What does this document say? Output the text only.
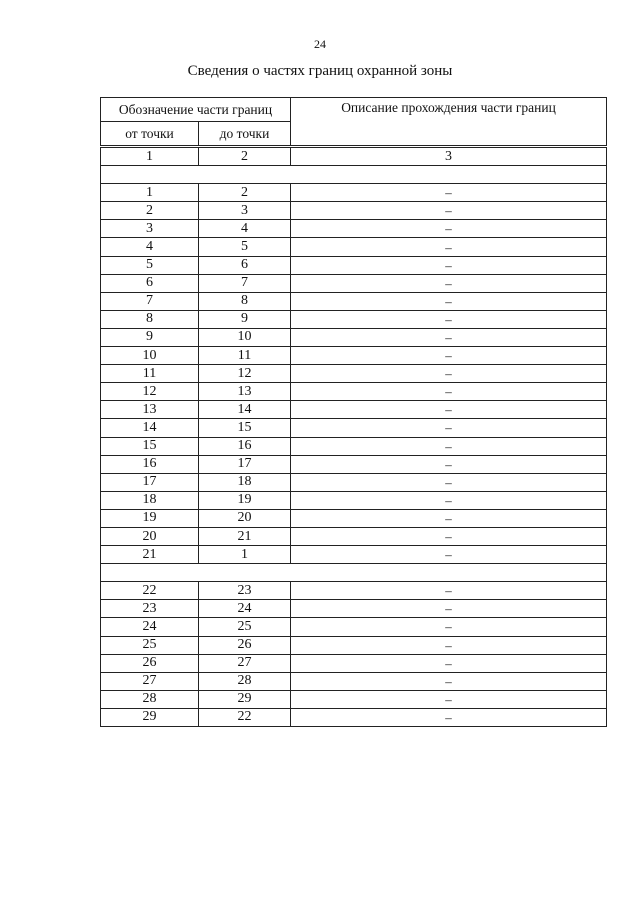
24
Сведения о частях границ охранной зоны
Обозначение части границ		Описание прохождения части границ
от точки	до точки	
1	2	3

1	2	–
2	3	–
3	4	–
4	5	–
5	6	–
6	7	–
7	8	–
8	9	–
9	10	–
10	11	–
11	12	–
12	13	–
13	14	–
14	15	–
15	16	–
16	17	–
17	18	–
18	19	–
19	20	–
20	21	–
21	1	–

22	23	–
23	24	–
24	25	–
25	26	–
26	27	–
27	28	–
28	29	–
29	22	–
